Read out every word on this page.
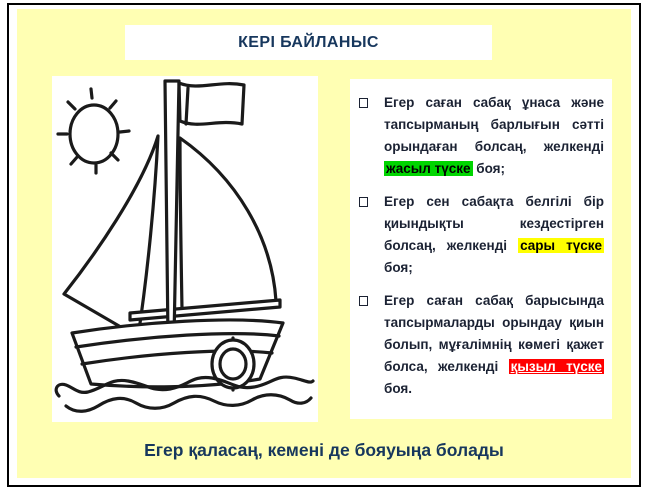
КЕРІ БАЙЛАНЫС
Егер саған сабақ ұнаса және тапсырманың барлығын сәтті орындаған болсаң, желкенді жасыл түске боя;
Егер сен сабақта белгілі бір қиындықты кездестірген болсаң, желкенді сары түске боя;
Егер саған сабақ барысында тапсырмаларды орындау қиын болып, мұғалімнің көмегі қажет болса, желкенді қызыл түске боя.
Егер қаласаң, кемені де бояуыңа болады
